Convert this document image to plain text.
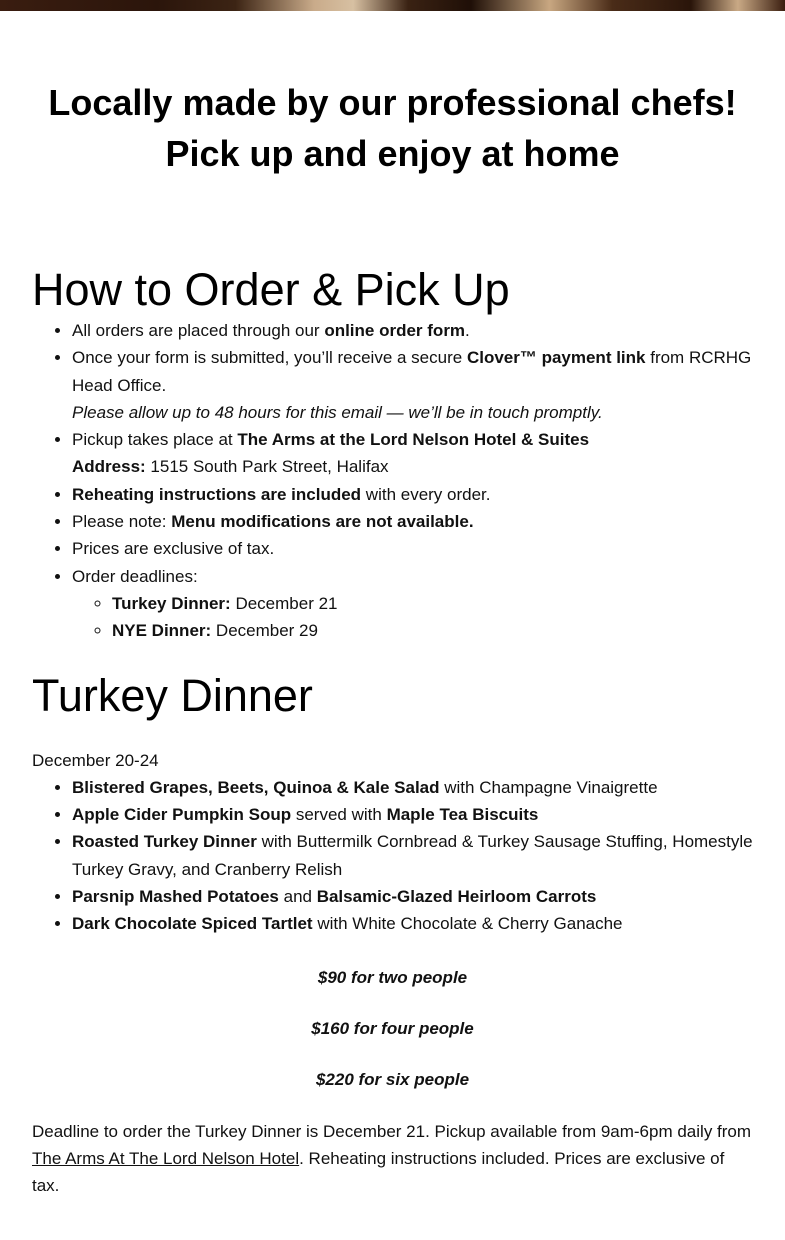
Locally made by our professional chefs!
Pick up and enjoy at home
How to Order & Pick Up
• All orders are placed through our online order form.
• Once your form is submitted, you’ll receive a secure Clover™ payment link from RCRHG Head Office.
Please allow up to 48 hours for this email — we’ll be in touch promptly.
• Pickup takes place at The Arms at the Lord Nelson Hotel & Suites
Address: 1515 South Park Street, Halifax
• Reheating instructions are included with every order.
• Please note: Menu modifications are not available.
• Prices are exclusive of tax.
• Order deadlines:
◦ Turkey Dinner: December 21
◦ NYE Dinner: December 29
Turkey Dinner
December 20-24
• Blistered Grapes, Beets, Quinoa & Kale Salad with Champagne Vinaigrette
• Apple Cider Pumpkin Soup served with Maple Tea Biscuits
• Roasted Turkey Dinner with Buttermilk Cornbread & Turkey Sausage Stuffing, Homestyle Turkey Gravy, and Cranberry Relish
• Parsnip Mashed Potatoes and Balsamic-Glazed Heirloom Carrots
• Dark Chocolate Spiced Tartlet with White Chocolate & Cherry Ganache
$90 for two people
$160 for four people
$220 for six people
Deadline to order the Turkey Dinner is December 21. Pickup available from 9am-6pm daily from The Arms At The Lord Nelson Hotel. Reheating instructions included. Prices are exclusive of tax.
